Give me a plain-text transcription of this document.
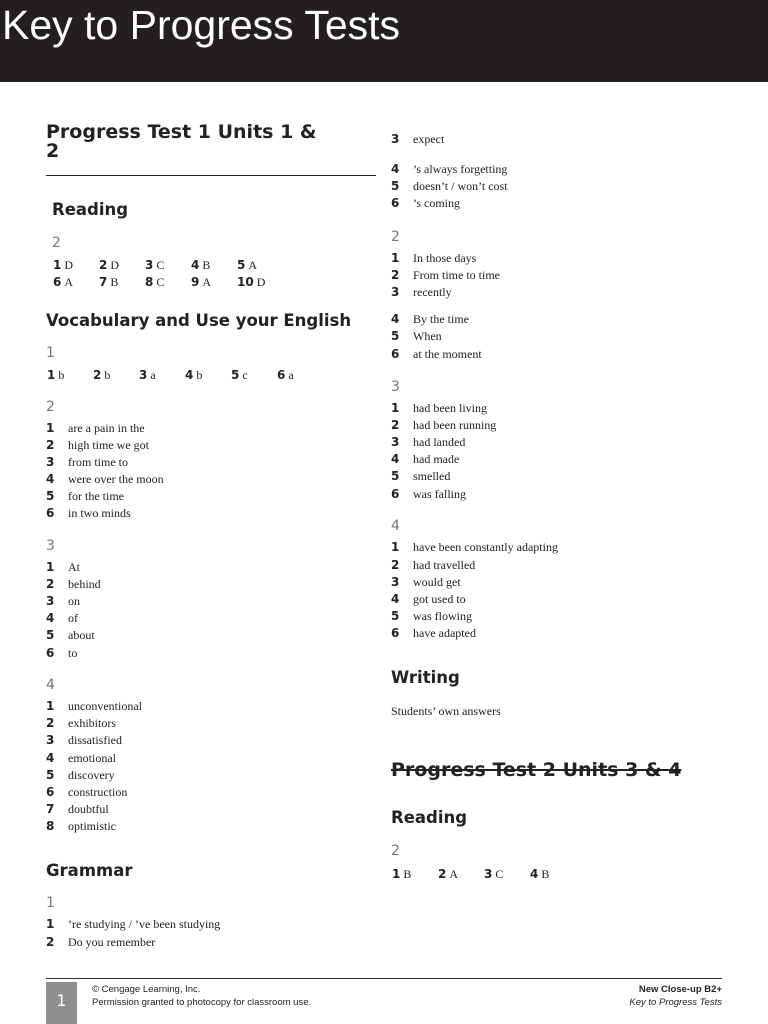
Key to Progress Tests
Progress Test 1 Units 1 &
2
Reading
2
1 D 2 D 3 C 4 B 5 A
6 A 7 B 8 C 9 A 10 D
Vocabulary and Use your English
1
1 b 2 b 3 a 4 b 5 c 6 a
2
1 are a pain in the
2 high time we got
3 from time to
4 were over the moon
5 for the time
6 in two minds
3
1 At
2 behind
3 on
4 of
5 about
6 to
4
1 unconventional
2 exhibitors
3 dissatisfied
4 emotional
5 discovery
6 construction
7 doubtful
8 optimistic
Grammar
1
1 ’re studying / ’ve been studying
2 Do you remember
3 expect
4 ’s always forgetting
5 doesn’t / won’t cost
6 ’s coming
2
1 In those days
2 From time to time
3 recently
4 By the time
5 When
6 at the moment
3
1 had been living
2 had been running
3 had landed
4 had made
5 smelled
6 was falling
4
1 have been constantly adapting
2 had travelled
3 would get
4 got used to
5 was flowing
6 have adapted
Writing
Students’ own answers
Progress Test 2 Units 3 & 4
Reading
2
1 B 2 A 3 C 4 B
1
© Cengage Learning, Inc.
Permission granted to photocopy for classroom use.
New Close-up B2+
Key to Progress Tests
